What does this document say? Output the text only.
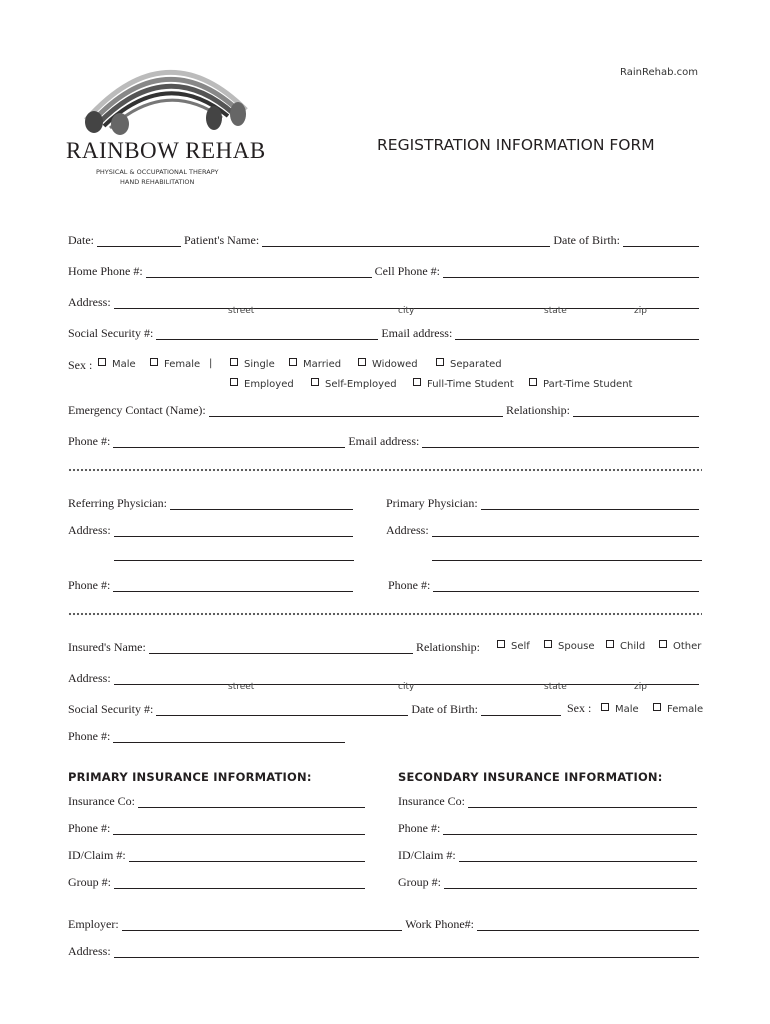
RainRehab.com
RAINBOW REHAB
PHYSICAL & OCCUPATIONAL THERAPY
HAND REHABILITATION
REGISTRATION INFORMATION FORM
Date:	Patient's Name:	Date of Birth:
Home Phone #:	Cell Phone #:
Address:
street	city	state	zip
Social Security #:	Email address:
Sex :	Male	Female |	Single	Married	Widowed	Separated
Employed	Self-Employed	Full-Time Student	Part-Time Student
Emergency Contact (Name):	Relationship:
Phone #:	Email address:
Referring Physician:	Primary Physician:
Address:	Address:
Phone #:	Phone #:
Insured's Name:	Relationship:	Self	Spouse	Child	Other
Address:
street	city	state	zip
Social Security #:	Date of Birth:	Sex :	Male	Female
Phone #:
PRIMARY INSURANCE INFORMATION:	SECONDARY INSURANCE INFORMATION:
Insurance Co:	Insurance Co:
Phone #:	Phone #:
ID/Claim #:	ID/Claim #:
Group #:	Group #:
Employer:	Work Phone#:
Address:
